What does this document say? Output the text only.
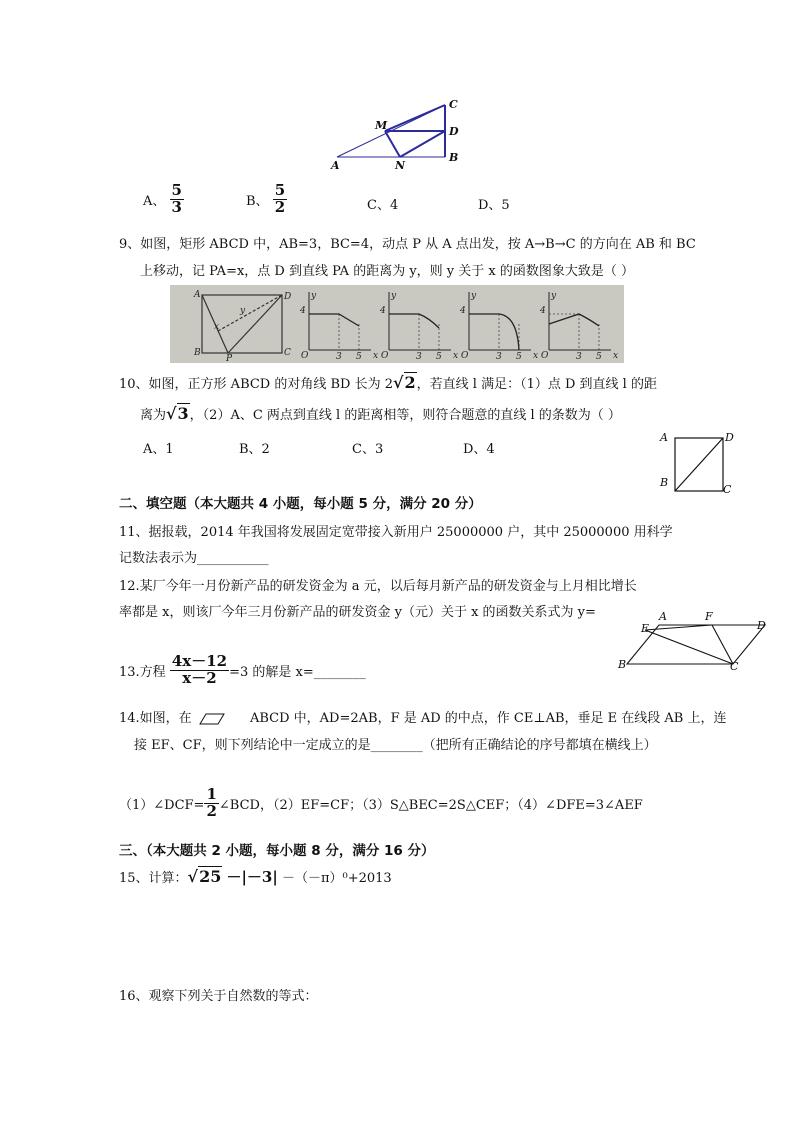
A
M
N
B
C
D
A、 $\frac{5}{3}$	B、 $\frac{5}{2}$	C、4	D、5
9、如图，矩形 ABCD 中，AB=3，BC=4，动点 P 从 A 点出发，按 A→B→C 的方向在 AB 和 BC
上移动，记 PA=x，点 D 到直线 PA 的距离为 y，则 y 关于 x 的函数图象大致是（ ）
A	D
B
P
C
x
y
O
y
x
4
3 5 O
y
x
4
3 5 O
y
x
4
3 5 O
y
x
4
3 5
10、如图，正方形 ABCD 的对角线 BD 长为 2√2，若直线 l 满足：（1）点 D 到直线 l 的距
离为√3，（2）A、C 两点到直线 l 的距离相等，则符合题意的直线 l 的条数为（ ）
A、1	B、2	C、3	D、4
A	D
B
C
二、填空题（本大题共 4 小题，每小题 5 分，满分 20 分）
11、据报载，2014 年我国将发展固定宽带接入新用户 25000000 户，其中 25000000 用科学
记数法表示为___________
12.某厂今年一月份新产品的研发资金为 a 元，以后每月新产品的研发资金与上月相比增长
率都是 x，则该厂今年三月份新产品的研发资金 y（元）关于 x 的函数关系式为 y=	A	F
D
E
B	C
13.方程 $\frac{4x-12}{x-2} =3$ 的解是 x=________
14.如图，在	ABCD 中，AD=2AB，F 是 AD 的中点，作 CE⊥AB，垂足 E 在线段 AB 上，连
接 EF、CF，则下列结论中一定成立的是________（把所有正确结论的序号都填在横线上）
（1）∠DCF= $\frac{1}{2}$ ∠BCD，（2）EF=CF；（3）S△BEC=2S△CEF；（4）∠DFE=3∠AEF
三、（本大题共 2 小题，每小题 8 分，满分 16 分）
15、计算：√25 －|－3| －（－π）⁰+2013
16、观察下列关于自然数的等式：
